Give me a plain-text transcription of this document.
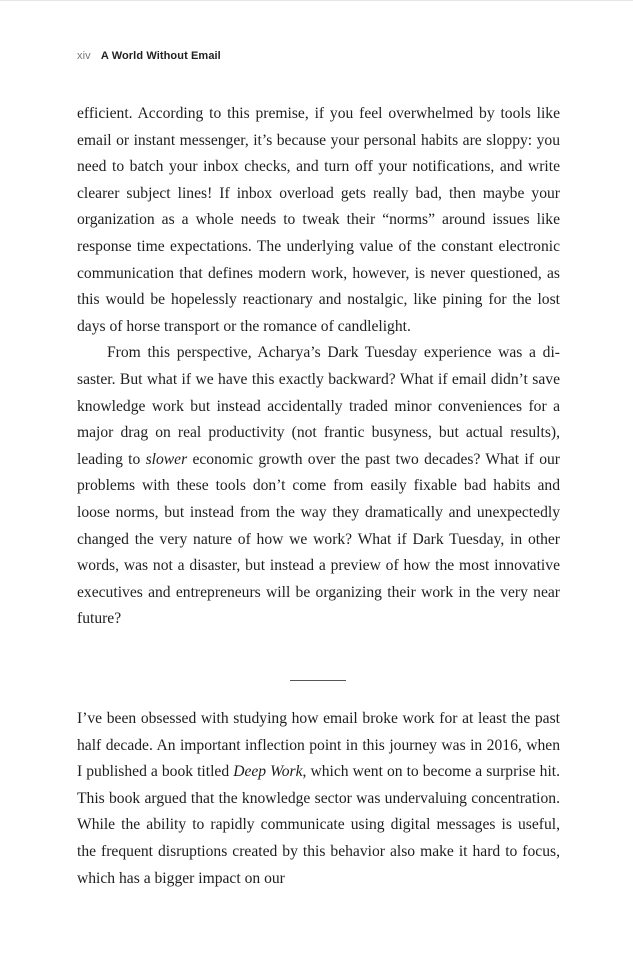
xiv A World Without Email

efficient. According to this premise, if you feel overwhelmed by tools like email or instant messenger, it’s because your personal habits are sloppy: you need to batch your inbox checks, and turn off your notifications, and write clearer subject lines! If inbox overload gets really bad, then maybe your organization as a whole needs to tweak their “norms” around issues like response time expectations. The underlying value of the constant electronic communication that defines modern work, however, is never questioned, as this would be hopelessly reactionary and nostalgic, like pining for the lost days of horse transport or the romance of candlelight.

From this perspective, Acharya’s Dark Tuesday experience was a disaster. But what if we have this exactly backward? What if email didn’t save knowledge work but instead accidentally traded minor conveniences for a major drag on real productivity (not frantic busyness, but actual results), leading to slower economic growth over the past two decades? What if our problems with these tools don’t come from easily fixable bad habits and loose norms, but instead from the way they dramatically and unexpectedly changed the very nature of how we work? What if Dark Tuesday, in other words, was not a disaster, but instead a preview of how the most innovative executives and entrepreneurs will be organizing their work in the very near future?

I’ve been obsessed with studying how email broke work for at least the past half decade. An important inflection point in this journey was in 2016, when I published a book titled Deep Work, which went on to become a surprise hit. This book argued that the knowledge sector was undervaluing concentration. While the ability to rapidly communicate using digital messages is useful, the frequent disruptions created by this behavior also make it hard to focus, which has a bigger impact on our
